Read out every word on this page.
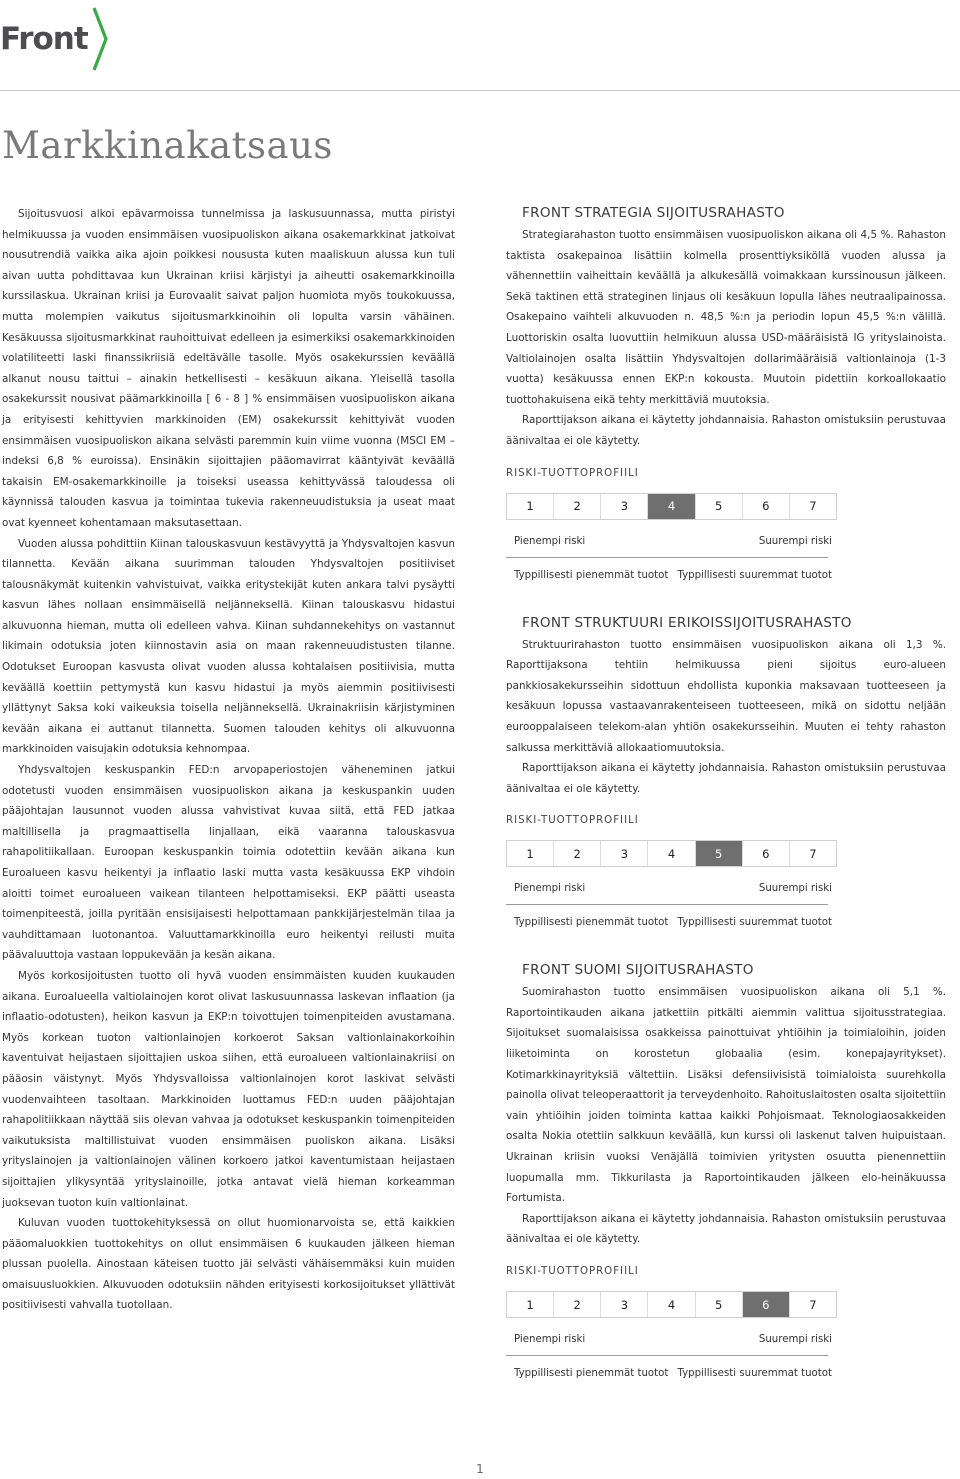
Front
Markkinakatsaus

Sijoitusvuosi alkoi epävarmoissa tunnelmissa ja laskusuunnassa, mutta piristyi helmikuussa ja vuoden ensimmäisen vuosipuoliskon aikana osakemarkkinat jatkoivat nousutrendiä vaikka aika ajoin poikkesi noususta kuten maaliskuun alussa kun tuli aivan uutta pohdittavaa kun Ukrainan kriisi kärjistyi ja aiheutti osakemarkkinoilla kurssilaskua. Ukrainan kriisi ja Eurovaalit saivat paljon huomiota myös toukokuussa, mutta molempien vaikutus sijoitusmarkkinoihin oli lopulta varsin vähäinen. Kesäkuussa sijoitusmarkkinat rauhoittuivat edelleen ja esimerkiksi osakemarkkinoiden volatiliteetti laski finanssikriisiä edeltävälle tasolle. Myös osakekurssien keväällä alkanut nousu taittui – ainakin hetkellisesti – kesäkuun aikana. Yleisellä tasolla osakekurssit nousivat päämarkkinoilla [ 6 - 8 ] % ensimmäisen vuosipuoliskon aikana ja erityisesti kehittyvien markkinoiden (EM) osakekurssit kehittyivät vuoden ensimmäisen vuosipuoliskon aikana selvästi paremmin kuin viime vuonna (MSCI EM –indeksi 6,8 % euroissa). Ensinäkin sijoittajien pääomavirrat kääntyivät keväällä takaisin EM-osakemarkkinoille ja toiseksi useassa kehittyvässä taloudessa oli käynnissä talouden kasvua ja toimintaa tukevia rakenneuudistuksia ja useat maat ovat kyenneet kohentamaan maksutasettaan.

Vuoden alussa pohdittiin Kiinan talouskasvuun kestävyyttä ja Yhdysvaltojen kasvun tilannetta. Kevään aikana suurimman talouden Yhdysvaltojen positiiviset talousnäkymät kuitenkin vahvistuivat, vaikka eritystekijät kuten ankara talvi pysäytti kasvun lähes nollaan ensimmäisellä neljänneksellä. Kiinan talouskasvu hidastui alkuvuonna hieman, mutta oli edelleen vahva. Kiinan suhdannekehitys on vastannut likimain odotuksia joten kiinnostavin asia on maan rakenneuudistusten tilanne. Odotukset Euroopan kasvusta olivat vuoden alussa kohtalaisen positiivisia, mutta keväällä koettiin pettymystä kun kasvu hidastui ja myös aiemmin positiivisesti yllättynyt Saksa koki vaikeuksia toisella neljänneksellä. Ukrainakriisin kärjistyminen kevään aikana ei auttanut tilannetta. Suomen talouden kehitys oli alkuvuonna markkinoiden vaisujakin odotuksia kehnompaa.

Yhdysvaltojen keskuspankin FED:n arvopaperiostojen väheneminen jatkui odotetusti vuoden ensimmäisen vuosipuoliskon aikana ja keskuspankin uuden pääjohtajan lausunnot vuoden alussa vahvistivat kuvaa siitä, että FED jatkaa maltillisella ja pragmaattisella linjallaan, eikä vaaranna talouskasvua rahapolitiikallaan. Euroopan keskuspankin toimia odotettiin kevään aikana kun Euroalueen kasvu heikentyi ja inflaatio laski mutta vasta kesäkuussa EKP vihdoin aloitti toimet euroalueen vaikean tilanteen helpottamiseksi. EKP päätti useasta toimenpiteestä, joilla pyritään ensisijaisesti helpottamaan pankkijärjestelmän tilaa ja vauhdittamaan luotonantoa. Valuuttamarkkinoilla euro heikentyi reilusti muita päävaluuttoja vastaan loppukevään ja kesän aikana.

Myös korkosijoitusten tuotto oli hyvä vuoden ensimmäisten kuuden kuukauden aikana. Euroalueella valtiolainojen korot olivat laskusuunnassa laskevan inflaation (ja inflaatio-odotusten), heikon kasvun ja EKP:n toivottujen toimenpiteiden avustamana. Myös korkean tuoton valtionlainojen korkoerot Saksan valtionlainakorkoihin kaventuivat heijastaen sijoittajien uskoa siihen, että euroalueen valtionlainakriisi on pääosin väistynyt. Myös Yhdysvalloissa valtionlainojen korot laskivat selvästi vuodenvaihteen tasoltaan. Markkinoiden luottamus FED:n uuden pääjohtajan rahapolitiikkaan näyttää siis olevan vahvaa ja odotukset keskuspankin toimenpiteiden vaikutuksista maltillistuivat vuoden ensimmäisen puoliskon aikana. Lisäksi yrityslainojen ja valtionlainojen välinen korkoero jatkoi kaventumistaan heijastaen sijoittajien ylikysyntää yrityslainoille, jotka antavat vielä hieman korkeamman juoksevan tuoton kuin valtionlainat.

Kuluvan vuoden tuottokehityksessä on ollut huomionarvoista se, että kaikkien pääomaluokkien tuottokehitys on ollut ensimmäisen 6 kuukauden jälkeen hieman plussan puolella. Ainostaan käteisen tuotto jäi selvästi vähäisemmäksi kuin muiden omaisuusluokkien. Alkuvuoden odotuksiin nähden erityisesti korkosijoitukset yllättivät positiivisesti vahvalla tuotollaan.

FRONT STRATEGIA SIJOITUSRAHASTO

Strategiarahaston tuotto ensimmäisen vuosipuoliskon aikana oli 4,5 %. Rahaston taktista osakepainoa lisättiin kolmella prosenttiyksiköllä vuoden alussa ja vähennettiin vaiheittain keväällä ja alkukesällä voimakkaan kurssinousun jälkeen. Sekä taktinen että strateginen linjaus oli kesäkuun lopulla lähes neutraalipainossa. Osakepaino vaihteli alkuvuoden n. 48,5 %:n ja periodin lopun 45,5 %:n välillä. Luottoriskin osalta luovuttiin helmikuun alussa USD-määräisistä IG yrityslainoista. Valtiolainojen osalta lisättiin Yhdysvaltojen dollarimääräisiä valtionlainoja (1-3 vuotta) kesäkuussa ennen EKP:n kokousta. Muutoin pidettiin korkoallokaatio tuottohakuisena eikä tehty merkittäviä muutoksia.

Raporttijakson aikana ei käytetty johdannaisia. Rahaston omistuksiin perustuvaa äänivaltaa ei ole käytetty.

RISKI-TUOTTOPROFIILI
1	2	3	4	5	6	7
Pienempi riski	Suurempi riski
Typpillisesti pienemmät tuotot Typpillisesti suuremmat tuotot
FRONT STRUKTUURI ERIKOISSIJOITUSRAHASTO

Struktuurirahaston tuotto ensimmäisen vuosipuoliskon aikana oli 1,3 %. Raporttijaksona tehtiin helmikuussa pieni sijoitus euro-alueen pankkiosakekursseihin sidottuun ehdollista kuponkia maksavaan tuotteeseen ja kesäkuun lopussa vastaavanrakenteiseen tuotteeseen, mikä on sidottu neljään eurooppalaiseen telekom-alan yhtiön osakekursseihin. Muuten ei tehty rahaston salkussa merkittäviä allokaatiomuutoksia.

Raporttijakson aikana ei käytetty johdannaisia. Rahaston omistuksiin perustuvaa äänivaltaa ei ole käytetty.

RISKI-TUOTTOPROFIILI
1	2	3	4	5	6	7
Pienempi riski	Suurempi riski
Typpillisesti pienemmät tuotot Typpillisesti suuremmat tuotot
FRONT SUOMI SIJOITUSRAHASTO

Suomirahaston tuotto ensimmäisen vuosipuoliskon aikana oli 5,1 %. Raportointikauden aikana jatkettiin pitkälti aiemmin valittua sijoitusstrategiaa. Sijoitukset suomalaisissa osakkeissa painottuivat yhtiöihin ja toimialoihin, joiden liiketoiminta on korostetun globaalia (esim. konepajayritykset). Kotimarkkinayrityksiä vältettiin. Lisäksi defensiivisistä toimialoista suurehkolla painolla olivat teleoperaattorit ja terveydenhoito. Rahoituslaitosten osalta sijoitettiin vain yhtiöihin joiden toiminta kattaa kaikki Pohjoismaat. Teknologiaosakkeiden osalta Nokia otettiin salkkuun keväällä, kun kurssi oli laskenut talven huipuistaan. Ukrainan kriisin vuoksi Venäjällä toimivien yritysten osuutta pienennettiin luopumalla mm. Tikkurilasta ja Raportointikauden jälkeen elo-heinäkuussa Fortumista.

Raporttijakson aikana ei käytetty johdannaisia. Rahaston omistuksiin perustuvaa äänivaltaa ei ole käytetty.

RISKI-TUOTTOPROFIILI
1	2	3	4	5	6	7
Pienempi riski	Suurempi riski
Typpillisesti pienemmät tuotot Typpillisesti suuremmat tuotot
1
